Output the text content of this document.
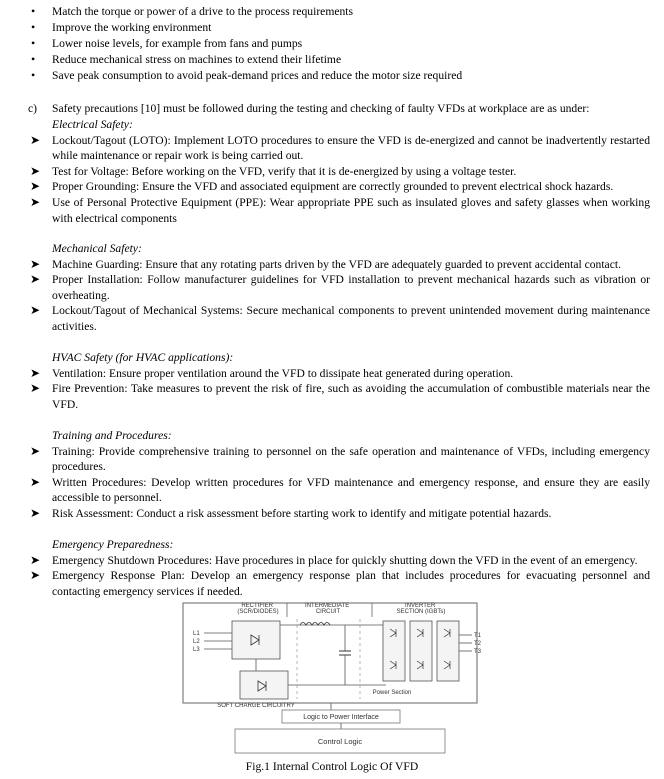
• Match the torque or power of a drive to the process requirements
• Improve the working environment
• Lower noise levels, for example from fans and pumps
• Reduce mechanical stress on machines to extend their lifetime
• Save peak consumption to avoid peak-demand prices and reduce the motor size required
c) Safety precautions [10] must be followed during the testing and checking of faulty VFDs at workplace are as under:
Electrical Safety:
➤ Lockout/Tagout (LOTO): Implement LOTO procedures to ensure the VFD is de-energized and cannot be inadvertently restarted while maintenance or repair work is being carried out.
➤ Test for Voltage: Before working on the VFD, verify that it is de-energized by using a voltage tester.
➤ Proper Grounding: Ensure the VFD and associated equipment are correctly grounded to prevent electrical shock hazards.
➤ Use of Personal Protective Equipment (PPE): Wear appropriate PPE such as insulated gloves and safety glasses when working with electrical components
Mechanical Safety:
➤ Machine Guarding: Ensure that any rotating parts driven by the VFD are adequately guarded to prevent accidental contact.
➤ Proper Installation: Follow manufacturer guidelines for VFD installation to prevent mechanical hazards such as vibration or overheating.
➤ Lockout/Tagout of Mechanical Systems: Secure mechanical components to prevent unintended movement during maintenance activities.
HVAC Safety (for HVAC applications):
➤ Ventilation: Ensure proper ventilation around the VFD to dissipate heat generated during operation.
➤ Fire Prevention: Take measures to prevent the risk of fire, such as avoiding the accumulation of combustible materials near the VFD.
Training and Procedures:
➤ Training: Provide comprehensive training to personnel on the safe operation and maintenance of VFDs, including emergency procedures.
➤ Written Procedures: Develop written procedures for VFD maintenance and emergency response, and ensure they are easily accessible to personnel.
➤ Risk Assessment: Conduct a risk assessment before starting work to identify and mitigate potential hazards.
Emergency Preparedness:
➤ Emergency Shutdown Procedures: Have procedures in place for quickly shutting down the VFD in the event of an emergency.
➤ Emergency Response Plan: Develop an emergency response plan that includes procedures for evacuating personnel and contacting emergency services if needed.
RECTIFIER (SCR/DIODES)
INTERMEDIATE CIRCUIT
INVERTER SECTION (IGBTs)
L1
L2
L3
SOFT CHARGE CIRCUITRY
T1
T2
T3
Power Section
Logic to Power Interface
Control Logic
Fig.1 Internal Control Logic Of VFD
